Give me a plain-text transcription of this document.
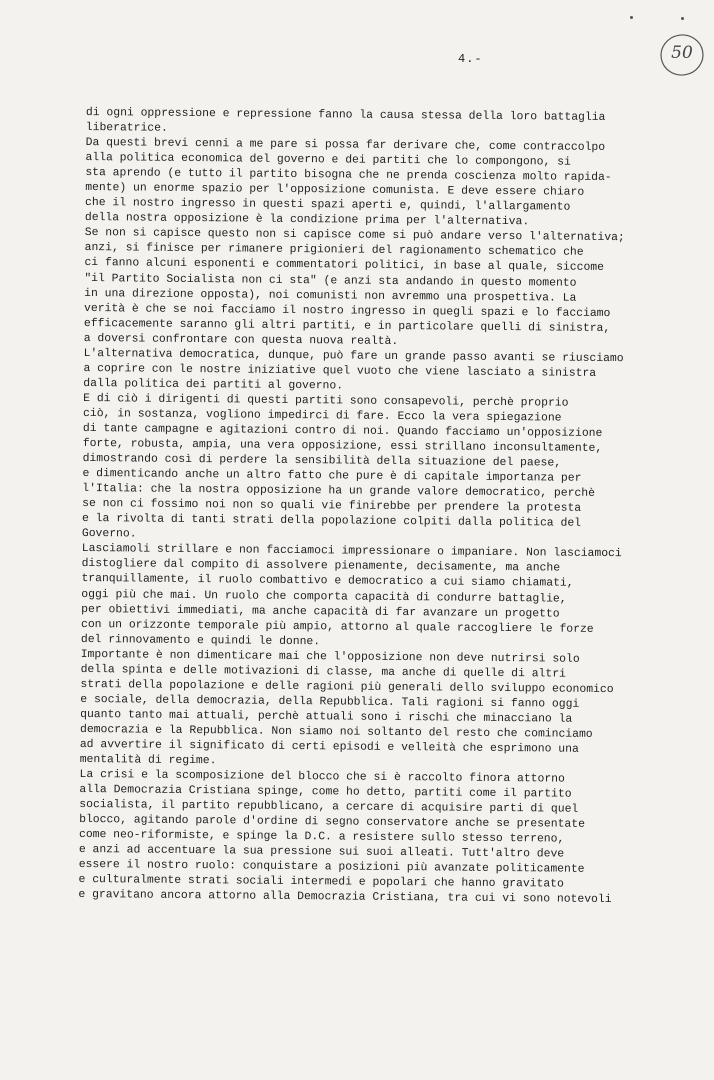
4.-	50
di ogni oppressione e repressione fanno la causa stessa della loro battaglia
liberatrice.
Da questi brevi cenni a me pare si possa far derivare che, come contraccolpo
alla politica economica del governo e dei partiti che lo compongono, si
sta aprendo (e tutto il partito bisogna che ne prenda coscienza molto rapida-
mente) un enorme spazio per l'opposizione comunista. E deve essere chiaro
che il nostro ingresso in questi spazi aperti e, quindi, l'allargamento
della nostra opposizione è la condizione prima per l'alternativa.
Se non si capisce questo non si capisce come si può andare verso l'alternativa;
anzi, si finisce per rimanere prigionieri del ragionamento schematico che
ci fanno alcuni esponenti e commentatori politici, in base al quale, siccome
"il Partito Socialista non ci sta" (e anzi sta andando in questo momento
in una direzione opposta), noi comunisti non avremmo una prospettiva. La
verità è che se noi facciamo il nostro ingresso in quegli spazi e lo facciamo
efficacemente saranno gli altri partiti, e in particolare quelli di sinistra,
a doversi confrontare con questa nuova realtà.
L'alternativa democratica, dunque, può fare un grande passo avanti se riusciamo
a coprire con le nostre iniziative quel vuoto che viene lasciato a sinistra
dalla politica dei partiti al governo.
E di ciò i dirigenti di questi partiti sono consapevoli, perchè proprio
ciò, in sostanza, vogliono impedirci di fare. Ecco la vera spiegazione
di tante campagne e agitazioni contro di noi. Quando facciamo un'opposizione
forte, robusta, ampia, una vera opposizione, essi strillano inconsultamente,
dimostrando così di perdere la sensibilità della situazione del paese,
e dimenticando anche un altro fatto che pure è di capitale importanza per
l'Italia: che la nostra opposizione ha un grande valore democratico, perchè
se non ci fossimo noi non so quali vie finirebbe per prendere la protesta
e la rivolta di tanti strati della popolazione colpiti dalla politica del
Governo.
Lasciamoli strillare e non facciamoci impressionare o impaniare. Non lasciamoci
distogliere dal compito di assolvere pienamente, decisamente, ma anche
tranquillamente, il ruolo combattivo e democratico a cui siamo chiamati,
oggi più che mai. Un ruolo che comporta capacità di condurre battaglie,
per obiettivi immediati, ma anche capacità di far avanzare un progetto
con un orizzonte temporale più ampio, attorno al quale raccogliere le forze
del rinnovamento e quindi le donne.
Importante è non dimenticare mai che l'opposizione non deve nutrirsi solo
della spinta e delle motivazioni di classe, ma anche di quelle di altri
strati della popolazione e delle ragioni più generali dello sviluppo economico
e sociale, della democrazia, della Repubblica. Tali ragioni si fanno oggi
quanto tanto mai attuali, perchè attuali sono i rischi che minacciano la
democrazia e la Repubblica. Non siamo noi soltanto del resto che cominciamo
ad avvertire il significato di certi episodi e velleità che esprimono una
mentalità di regime.
La crisi e la scomposizione del blocco che si è raccolto finora attorno
alla Democrazia Cristiana spinge, come ho detto, partiti come il partito
socialista, il partito repubblicano, a cercare di acquisire parti di quel
blocco, agitando parole d'ordine di segno conservatore anche se presentate
come neo-riformiste, e spinge la D.C. a resistere sullo stesso terreno,
e anzi ad accentuare la sua pressione sui suoi alleati. Tutt'altro deve
essere il nostro ruolo: conquistare a posizioni più avanzate politicamente
e culturalmente strati sociali intermedi e popolari che hanno gravitato
e gravitano ancora attorno alla Democrazia Cristiana, tra cui vi sono notevoli
